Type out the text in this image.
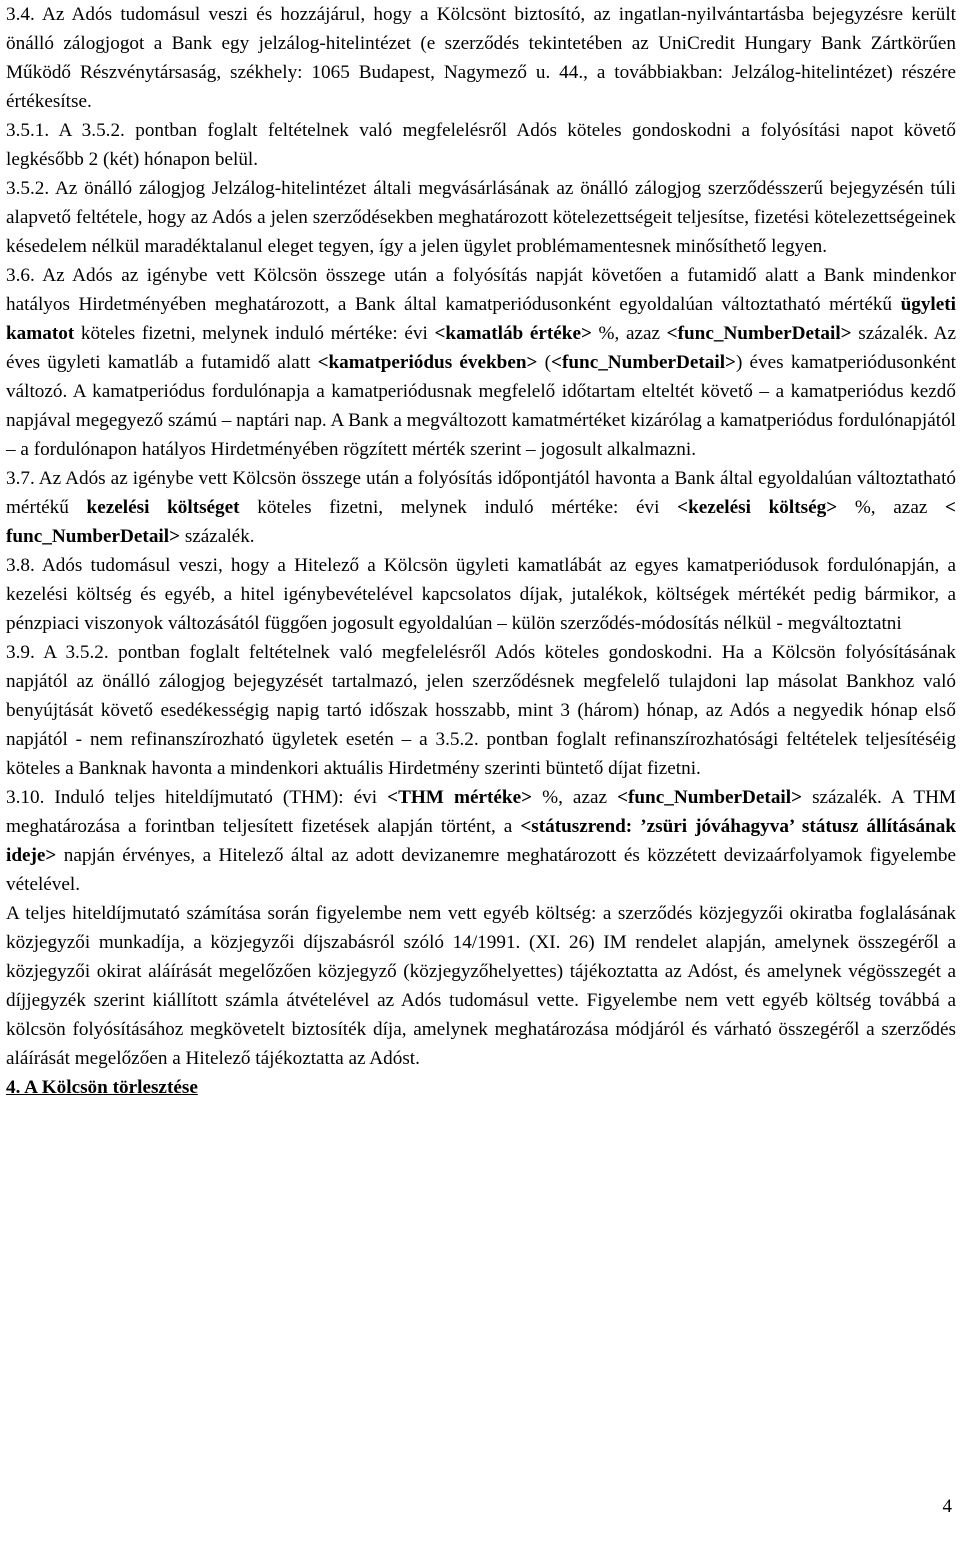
3.4. Az Adós tudomásul veszi és hozzájárul, hogy a Kölcsönt biztosító, az ingatlan-nyilvántartásba bejegyzésre került önálló zálogjogot a Bank egy jelzálog-hitelintézet (e szerződés tekintetében az UniCredit Hungary Bank Zártkörűen Működő Részvénytársaság, székhely: 1065 Budapest, Nagymező u. 44., a továbbiakban: Jelzálog-hitelintézet) részére értékesítse.

3.5.1. A 3.5.2. pontban foglalt feltételnek való megfelelésről Adós köteles gondoskodni a folyósítási napot követő legkésőbb 2 (két) hónapon belül.

3.5.2. Az önálló zálogjog Jelzálog-hitelintézet általi megvásárlásának az önálló zálogjog szerződésszerű bejegyzésén túli alapvető feltétele, hogy az Adós a jelen szerződésekben meghatározott kötelezettségeit teljesítse, fizetési kötelezettségeinek késedelem nélkül maradéktalanul eleget tegyen, így a jelen ügylet problémamentesnek minősíthető legyen.

3.6. Az Adós az igénybe vett Kölcsön összege után a folyósítás napját követően a futamidő alatt a Bank mindenkor hatályos Hirdetményében meghatározott, a Bank által kamatperiódusonként egyoldalúan változtatható mértékű ügyleti kamatot köteles fizetni, melynek induló mértéke: évi <kamatláb értéke> %, azaz <func_NumberDetail> százalék. Az éves ügyleti kamatláb a futamidő alatt <kamatperiódus években> (<func_NumberDetail>) éves kamatperiódusonként változó. A kamatperiódus fordulónapja a kamatperiódusnak megfelelő időtartam elteltét követő – a kamatperiódus kezdő napjával megegyező számú – naptári nap. A Bank a megváltozott kamatmértéket kizárólag a kamatperiódus fordulónapjától – a fordulónapon hatályos Hirdetményében rögzített mérték szerint – jogosult alkalmazni.

3.7. Az Adós az igénybe vett Kölcsön összege után a folyósítás időpontjától havonta a Bank által egyoldalúan változtatható mértékű kezelési költséget köteles fizetni, melynek induló mértéke: évi <kezelési költség> %, azaz < func_NumberDetail> százalék.

3.8. Adós tudomásul veszi, hogy a Hitelező a Kölcsön ügyleti kamatlábát az egyes kamatperiódusok fordulónapján, a kezelési költség és egyéb, a hitel igénybevételével kapcsolatos díjak, jutalékok, költségek mértékét pedig bármikor, a pénzpiaci viszonyok változásától függően jogosult egyoldalúan – külön szerződés-módosítás nélkül - megváltoztatni

3.9. A 3.5.2. pontban foglalt feltételnek való megfelelésről Adós köteles gondoskodni. Ha a Kölcsön folyósításának napjától az önálló zálogjog bejegyzését tartalmazó, jelen szerződésnek megfelelő tulajdoni lap másolat Bankhoz való benyújtását követő esedékességig napig tartó időszak hosszabb, mint 3 (három) hónap, az Adós a negyedik hónap első napjától - nem refinanszírozható ügyletek esetén – a 3.5.2. pontban foglalt refinanszírozhatósági feltételek teljesítéséig köteles a Banknak havonta a mindenkori aktuális Hirdetmény szerinti büntető díjat fizetni.

3.10. Induló teljes hiteldíjmutató (THM): évi <THM mértéke> %, azaz <func_NumberDetail> százalék. A THM meghatározása a forintban teljesített fizetések alapján történt, a <státuszrend: ’zsüri jóváhagyva’ státusz állításának ideje> napján érvényes, a Hitelező által az adott devizanemre meghatározott és közzétett devizaárfolyamok figyelembe vételével.

A teljes hiteldíjmutató számítása során figyelembe nem vett egyéb költség: a szerződés közjegyzői okiratba foglalásának közjegyzői munkadíja, a közjegyzői díjszabásról szóló 14/1991. (XI. 26) IM rendelet alapján, amelynek összegéről a közjegyzői okirat aláírását megelőzően közjegyző (közjegyzőhelyettes) tájékoztatta az Adóst, és amelynek végösszegét a díjjegyzék szerint kiállított számla átvételével az Adós tudomásul vette. Figyelembe nem vett egyéb költség továbbá a kölcsön folyósításához megkövetelt biztosíték díja, amelynek meghatározása módjáról és várható összegéről a szerződés aláírását megelőzően a Hitelező tájékoztatta az Adóst.

4. A Kölcsön törlesztése

4
